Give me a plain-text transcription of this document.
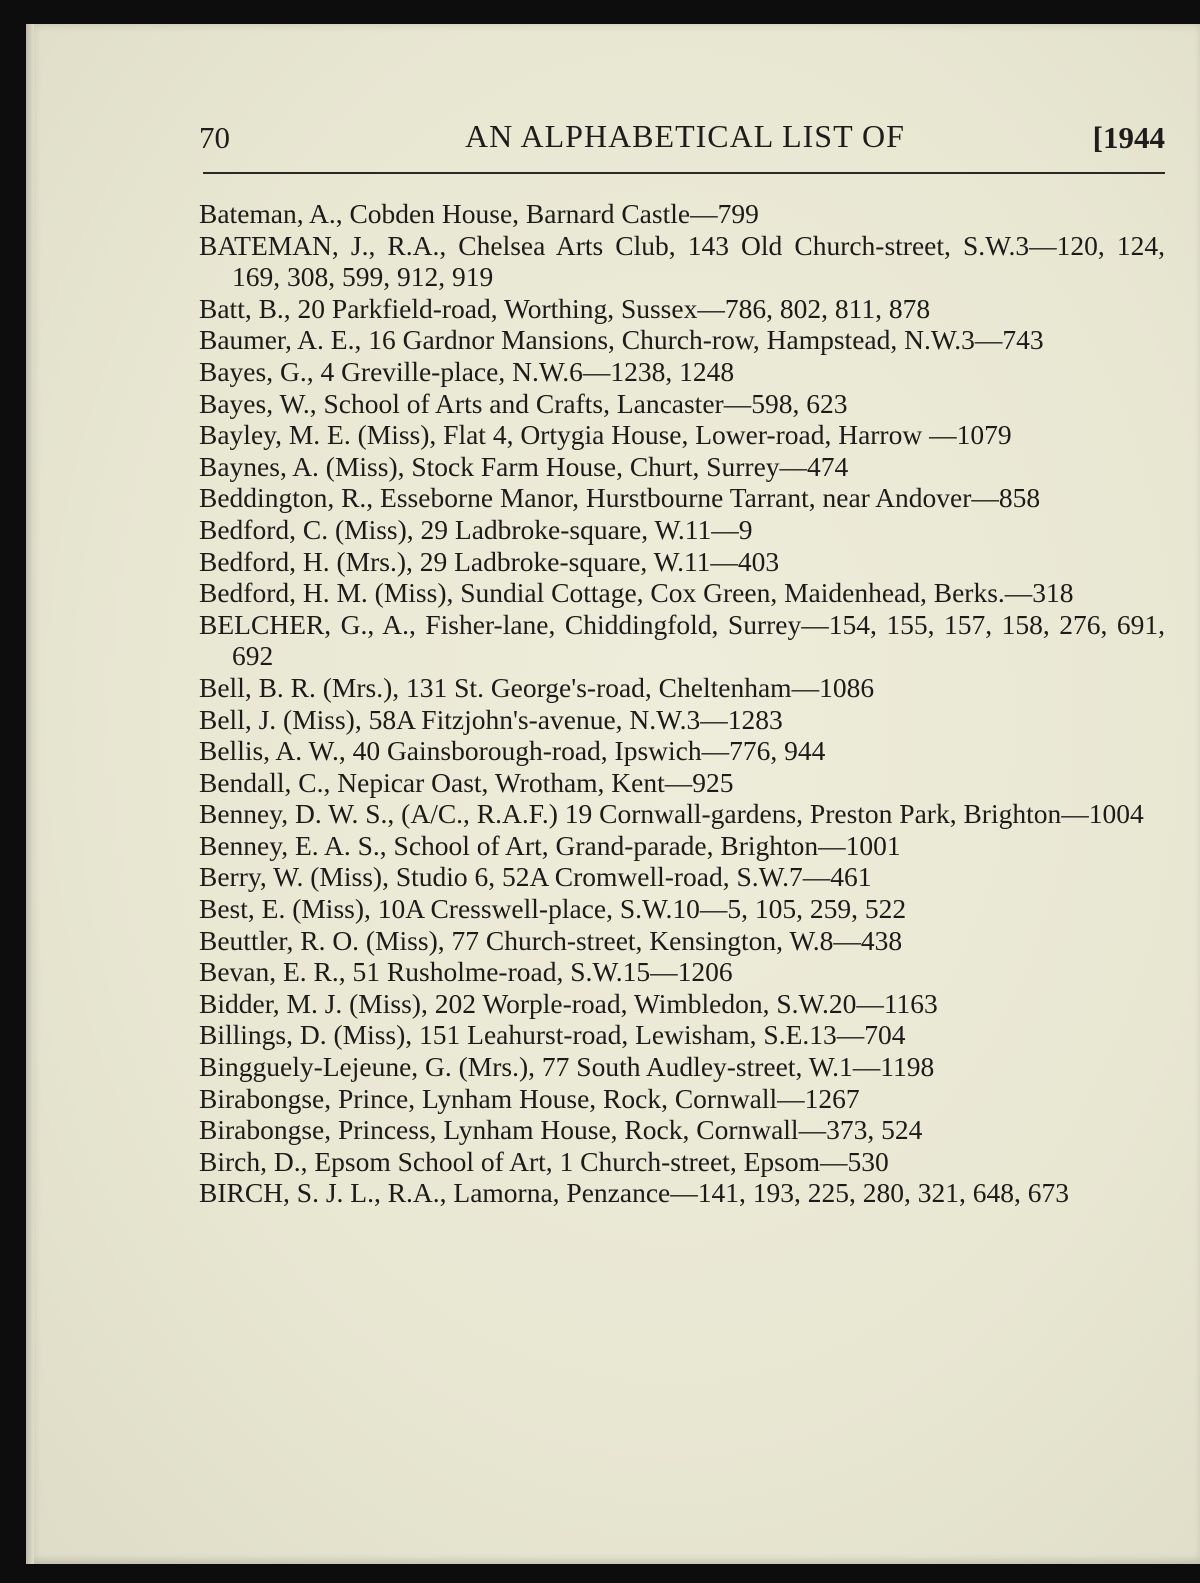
70	AN ALPHABETICAL LIST OF	[1944
Bateman, A., Cobden House, Barnard Castle—799
BATEMAN, J., R.A., Chelsea Arts Club, 143 Old Church-street, S.W.3—120, 124, 169, 308, 599, 912, 919
Batt, B., 20 Parkfield-road, Worthing, Sussex—786, 802, 811, 878
Baumer, A. E., 16 Gardnor Mansions, Church-row, Hampstead, N.W.3—743
Bayes, G., 4 Greville-place, N.W.6—1238, 1248
Bayes, W., School of Arts and Crafts, Lancaster—598, 623
Bayley, M. E. (Miss), Flat 4, Ortygia House, Lower-road, Harrow —1079
Baynes, A. (Miss), Stock Farm House, Churt, Surrey—474
Beddington, R., Esseborne Manor, Hurstbourne Tarrant, near Andover—858
Bedford, C. (Miss), 29 Ladbroke-square, W.11—9
Bedford, H. (Mrs.), 29 Ladbroke-square, W.11—403
Bedford, H. M. (Miss), Sundial Cottage, Cox Green, Maidenhead, Berks.—318
BELCHER, G., A., Fisher-lane, Chiddingfold, Surrey—154, 155, 157, 158, 276, 691, 692
Bell, B. R. (Mrs.), 131 St. George's-road, Cheltenham—1086
Bell, J. (Miss), 58A Fitzjohn's-avenue, N.W.3—1283
Bellis, A. W., 40 Gainsborough-road, Ipswich—776, 944
Bendall, C., Nepicar Oast, Wrotham, Kent—925
Benney, D. W. S., (A/C., R.A.F.) 19 Cornwall-gardens, Preston Park, Brighton—1004
Benney, E. A. S., School of Art, Grand-parade, Brighton—1001
Berry, W. (Miss), Studio 6, 52A Cromwell-road, S.W.7—461
Best, E. (Miss), 10A Cresswell-place, S.W.10—5, 105, 259, 522
Beuttler, R. O. (Miss), 77 Church-street, Kensington, W.8—438
Bevan, E. R., 51 Rusholme-road, S.W.15—1206
Bidder, M. J. (Miss), 202 Worple-road, Wimbledon, S.W.20—1163
Billings, D. (Miss), 151 Leahurst-road, Lewisham, S.E.13—704
Bingguely-Lejeune, G. (Mrs.), 77 South Audley-street, W.1—1198
Birabongse, Prince, Lynham House, Rock, Cornwall—1267
Birabongse, Princess, Lynham House, Rock, Cornwall—373, 524
Birch, D., Epsom School of Art, 1 Church-street, Epsom—530
BIRCH, S. J. L., R.A., Lamorna, Penzance—141, 193, 225, 280, 321, 648, 673
